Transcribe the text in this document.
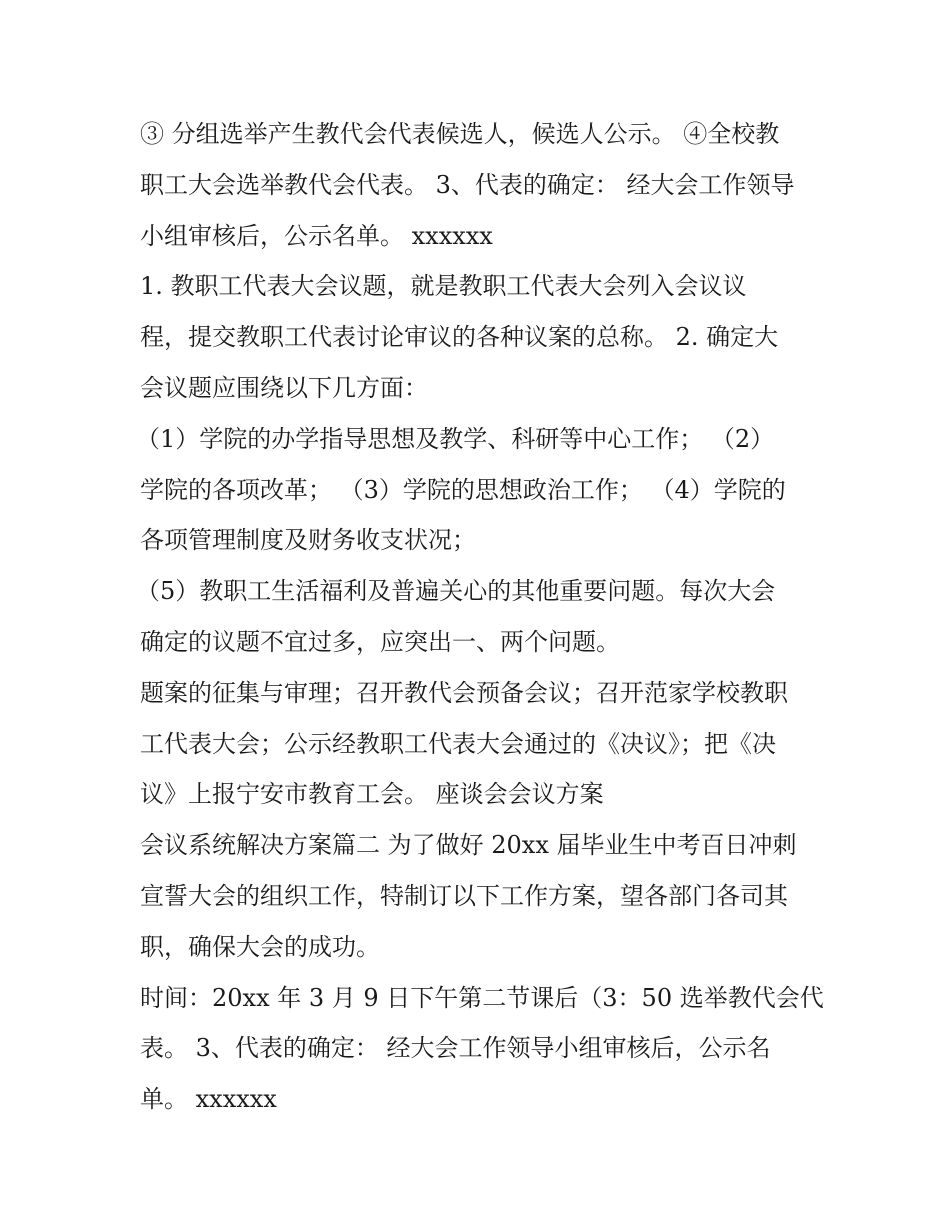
③ 分组选举产生教代会代表候选人，候选人公示。 ④全校教
职工大会选举教代会代表。 3、代表的确定： 经大会工作领导
小组审核后，公示名单。 xxxxxx
1. 教职工代表大会议题，就是教职工代表大会列入会议议
程，提交教职工代表讨论审议的各种议案的总称。 2. 确定大
会议题应围绕以下几方面：
（1）学院的办学指导思想及教学、科研等中心工作； （2）
学院的各项改革； （3）学院的思想政治工作； （4）学院的
各项管理制度及财务收支状况；
（5）教职工生活福利及普遍关心的其他重要问题。每次大会
确定的议题不宜过多，应突出一、两个问题。
题案的征集与审理；召开教代会预备会议；召开范家学校教职
工代表大会；公示经教职工代表大会通过的《决议》；把《决
议》上报宁安市教育工会。 座谈会会议方案
会议系统解决方案篇二 为了做好 20xx 届毕业生中考百日冲刺
宣誓大会的组织工作，特制订以下工作方案，望各部门各司其
职，确保大会的成功。
时间：20xx 年 3 月 9 日下午第二节课后（3：50 选举教代会代
表。 3、代表的确定： 经大会工作领导小组审核后，公示名
单。 xxxxxx
